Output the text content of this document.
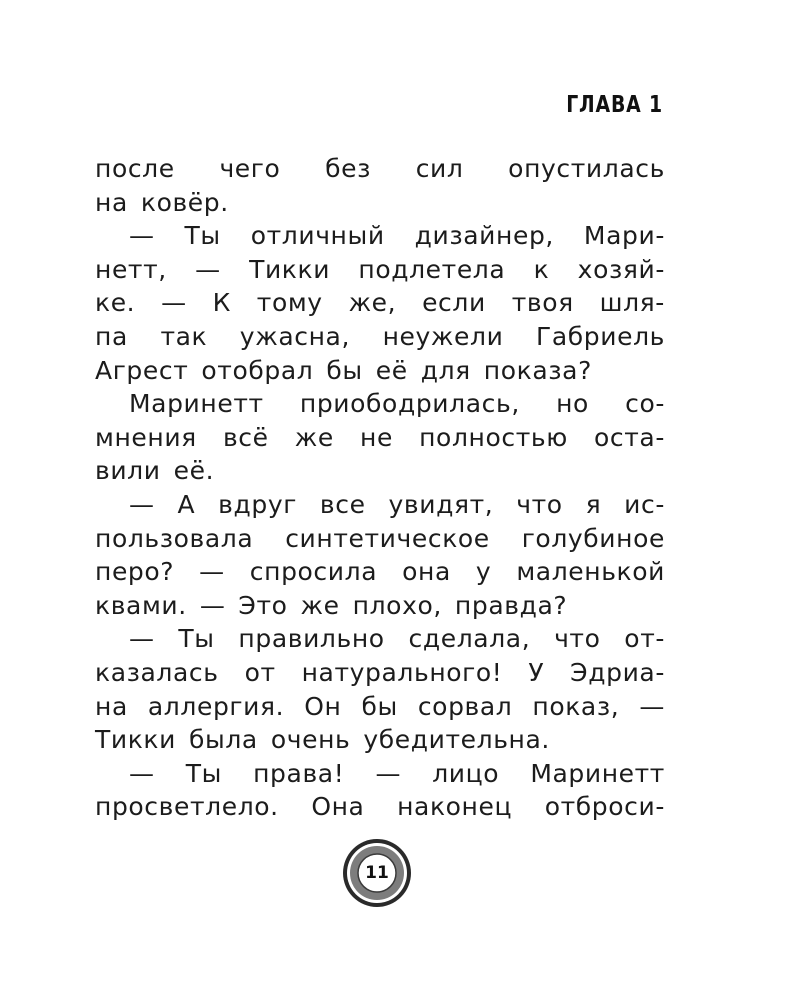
ГЛАВА 1
после чего без сил опустилась
на ковёр.
— Ты отличный дизайнер, Мари-
нетт, — Тикки подлетела к хозяй-
ке. — К тому же, если твоя шля-
па так ужасна, неужели Габриель
Агрест отобрал бы её для показа?
Маринетт приободрилась, но со-
мнения всё же не полностью оста-
вили её.
— А вдруг все увидят, что я ис-
пользовала синтетическое голубиное
перо? — спросила она у маленькой
квами. — Это же плохо, правда?
— Ты правильно сделала, что от-
казалась от натурального! У Эдриа-
на аллергия. Он бы сорвал показ, —
Тикки была очень убедительна.
— Ты права! — лицо Маринетт
просветлело. Она наконец отброси-
11
